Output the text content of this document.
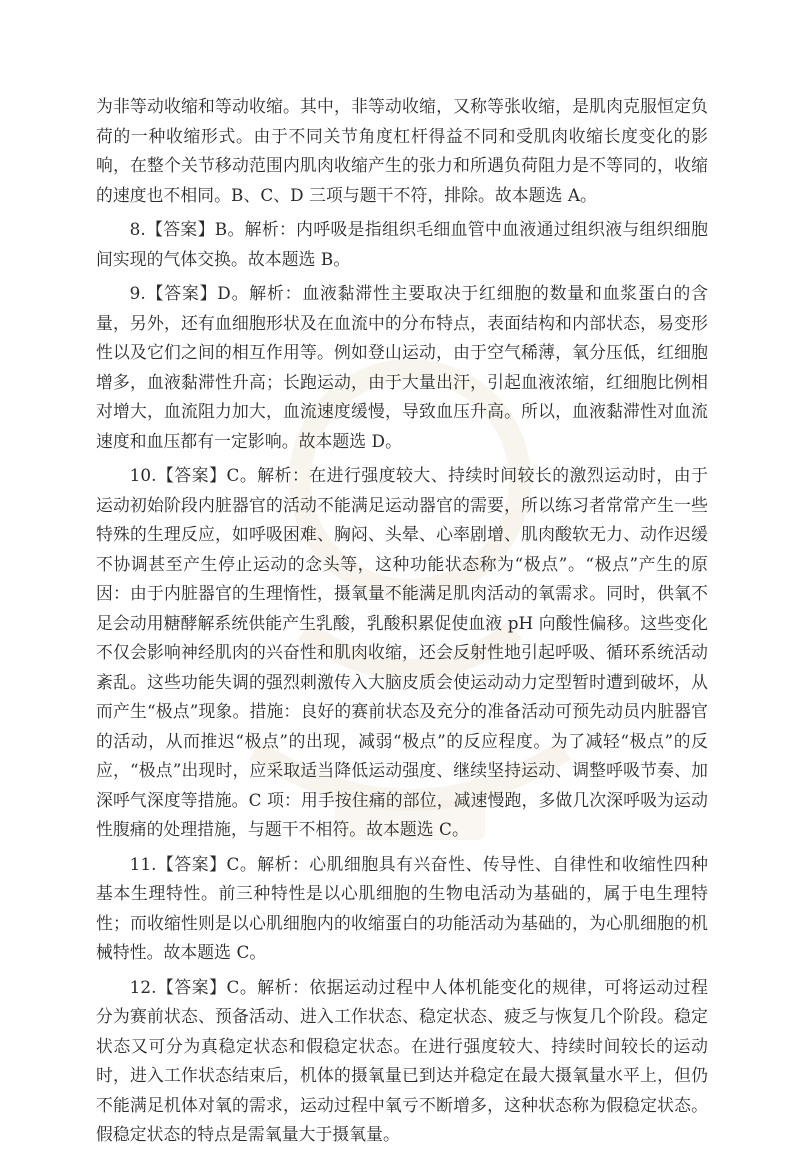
为非等动收缩和等动收缩。其中，非等动收缩，又称等张收缩，是肌肉克服恒定负荷的一种收缩形式。由于不同关节角度杠杆得益不同和受肌肉收缩长度变化的影响，在整个关节移动范围内肌肉收缩产生的张力和所遇负荷阻力是不等同的，收缩的速度也不相同。B、C、D 三项与题干不符，排除。故本题选 A。

8.【答案】B。解析：内呼吸是指组织毛细血管中血液通过组织液与组织细胞间实现的气体交换。故本题选 B。

9.【答案】D。解析：血液黏滞性主要取决于红细胞的数量和血浆蛋白的含量，另外，还有血细胞形状及在血流中的分布特点，表面结构和内部状态，易变形性以及它们之间的相互作用等。例如登山运动，由于空气稀薄，氧分压低，红细胞增多，血液黏滞性升高；长跑运动，由于大量出汗，引起血液浓缩，红细胞比例相对增大，血流阻力加大，血流速度缓慢，导致血压升高。所以，血液黏滞性对血流速度和血压都有一定影响。故本题选 D。

10.【答案】C。解析：在进行强度较大、持续时间较长的激烈运动时，由于运动初始阶段内脏器官的活动不能满足运动器官的需要，所以练习者常常产生一些特殊的生理反应，如呼吸困难、胸闷、头晕、心率剧增、肌肉酸软无力、动作迟缓不协调甚至产生停止运动的念头等，这种功能状态称为“极点”。“极点”产生的原因：由于内脏器官的生理惰性，摄氧量不能满足肌肉活动的氧需求。同时，供氧不足会动用糖酵解系统供能产生乳酸，乳酸积累促使血液 pH 向酸性偏移。这些变化不仅会影响神经肌肉的兴奋性和肌肉收缩，还会反射性地引起呼吸、循环系统活动紊乱。这些功能失调的强烈刺激传入大脑皮质会使运动动力定型暂时遭到破坏，从而产生“极点”现象。措施：良好的赛前状态及充分的准备活动可预先动员内脏器官的活动，从而推迟“极点”的出现，减弱“极点”的反应程度。为了减轻“极点”的反应，“极点”出现时，应采取适当降低运动强度、继续坚持运动、调整呼吸节奏、加深呼气深度等措施。C 项：用手按住痛的部位，减速慢跑，多做几次深呼吸为运动性腹痛的处理措施，与题干不相符。故本题选 C。

11.【答案】C。解析：心肌细胞具有兴奋性、传导性、自律性和收缩性四种基本生理特性。前三种特性是以心肌细胞的生物电活动为基础的，属于电生理特性；而收缩性则是以心肌细胞内的收缩蛋白的功能活动为基础的，为心肌细胞的机械特性。故本题选 C。

12.【答案】C。解析：依据运动过程中人体机能变化的规律，可将运动过程分为赛前状态、预备活动、进入工作状态、稳定状态、疲乏与恢复几个阶段。稳定状态又可分为真稳定状态和假稳定状态。在进行强度较大、持续时间较长的运动时，进入工作状态结束后，机体的摄氧量已到达并稳定在最大摄氧量水平上，但仍不能满足机体对氧的需求，运动过程中氧亏不断增多，这种状态称为假稳定状态。假稳定状态的特点是需氧量大于摄氧量。
